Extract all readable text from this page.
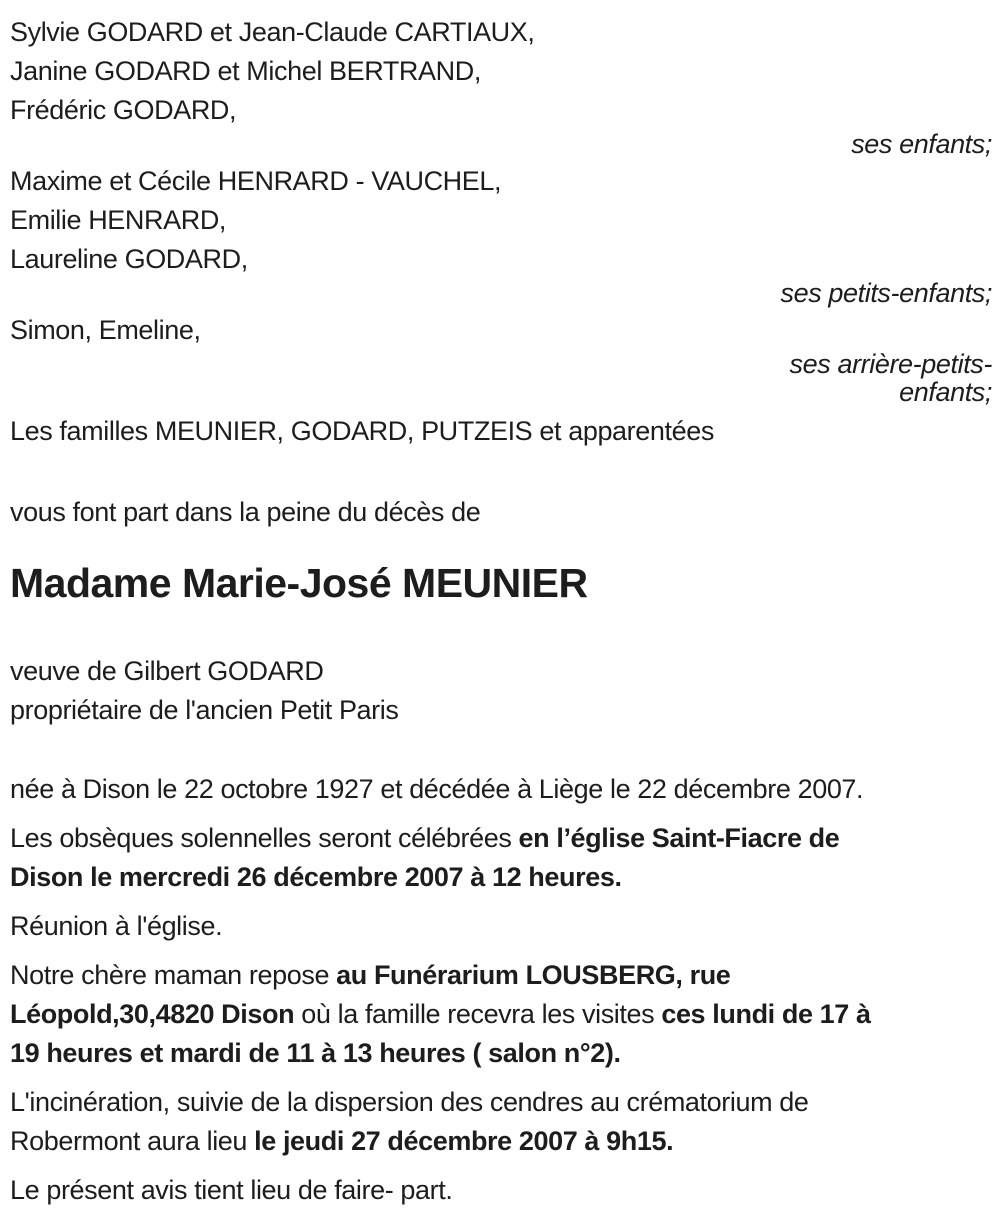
Sylvie GODARD et Jean-Claude CARTIAUX,
Janine GODARD et Michel BERTRAND,
Frédéric GODARD,

ses enfants;

Maxime et Cécile HENRARD - VAUCHEL,
Emilie HENRARD,
Laureline GODARD,

ses petits-enfants;

Simon, Emeline,

ses arrière-petits-
enfants;

Les familles MEUNIER, GODARD, PUTZEIS et apparentées

vous font part dans la peine du décès de

Madame Marie-José MEUNIER

veuve de Gilbert GODARD
propriétaire de l'ancien Petit Paris

née à Dison le 22 octobre 1927 et décédée à Liège le 22 décembre 2007.

Les obsèques solennelles seront célébrées en l’église Saint-Fiacre de
Dison le mercredi 26 décembre 2007 à 12 heures.

Réunion à l'église.

Notre chère maman repose au Funérarium LOUSBERG, rue
Léopold,30,4820 Dison où la famille recevra les visites ces lundi de 17 à
19 heures et mardi de 11 à 13 heures ( salon n°2).

L'incinération, suivie de la dispersion des cendres au crématorium de
Robermont aura lieu le jeudi 27 décembre 2007 à 9h15.

Le présent avis tient lieu de faire- part.
